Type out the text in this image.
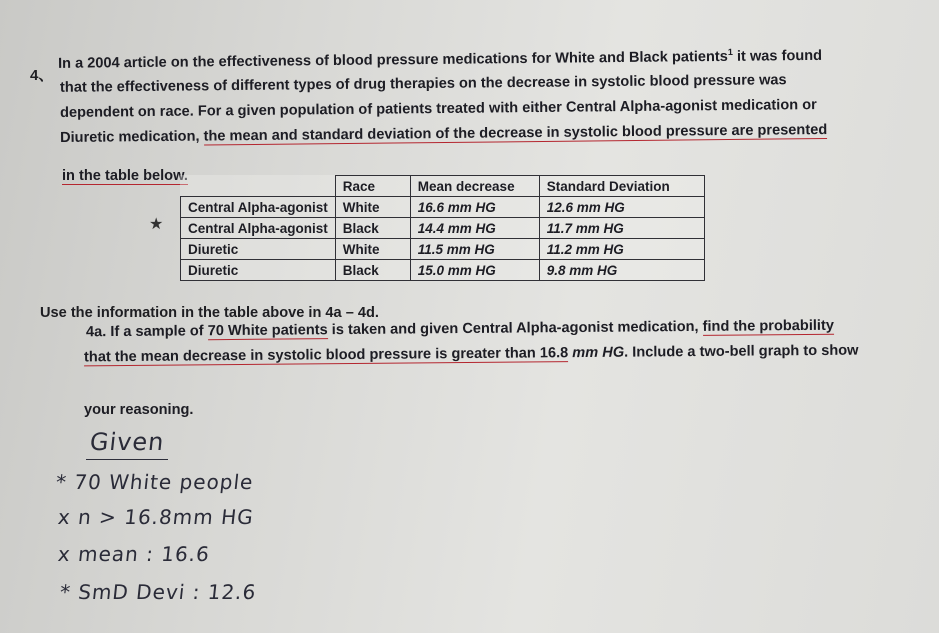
4、
In a 2004 article on the effectiveness of blood pressure medications for White and Black patients$^1$ it was found
that the effectiveness of different types of drug therapies on the decrease in systolic blood pressure was
dependent on race. For a given population of patients treated with either Central Alpha-agonist medication or
Diuretic medication, the mean and standard deviation of the decrease in systolic blood pressure are presented
in the table below.
★
	Race	Mean decrease	Standard Deviation
Central Alpha-agonist	White	16.6 mm HG	12.6 mm HG
Central Alpha-agonist	Black	14.4 mm HG	11.7 mm HG
Diuretic	White	11.5 mm HG	11.2 mm HG
Diuretic	Black	15.0 mm HG	9.8 mm HG
Use the information in the table above in 4a – 4d.
4a. If a sample of 70 White patients is taken and given Central Alpha-agonist medication, find the probability
that the mean decrease in systolic blood pressure is greater than 16.8 mm HG. Include a two-bell graph to show
your reasoning.
Given
* 70 White people
x n > 16.8mm HG
x mean : 16.6
* SmD Devi : 12.6
